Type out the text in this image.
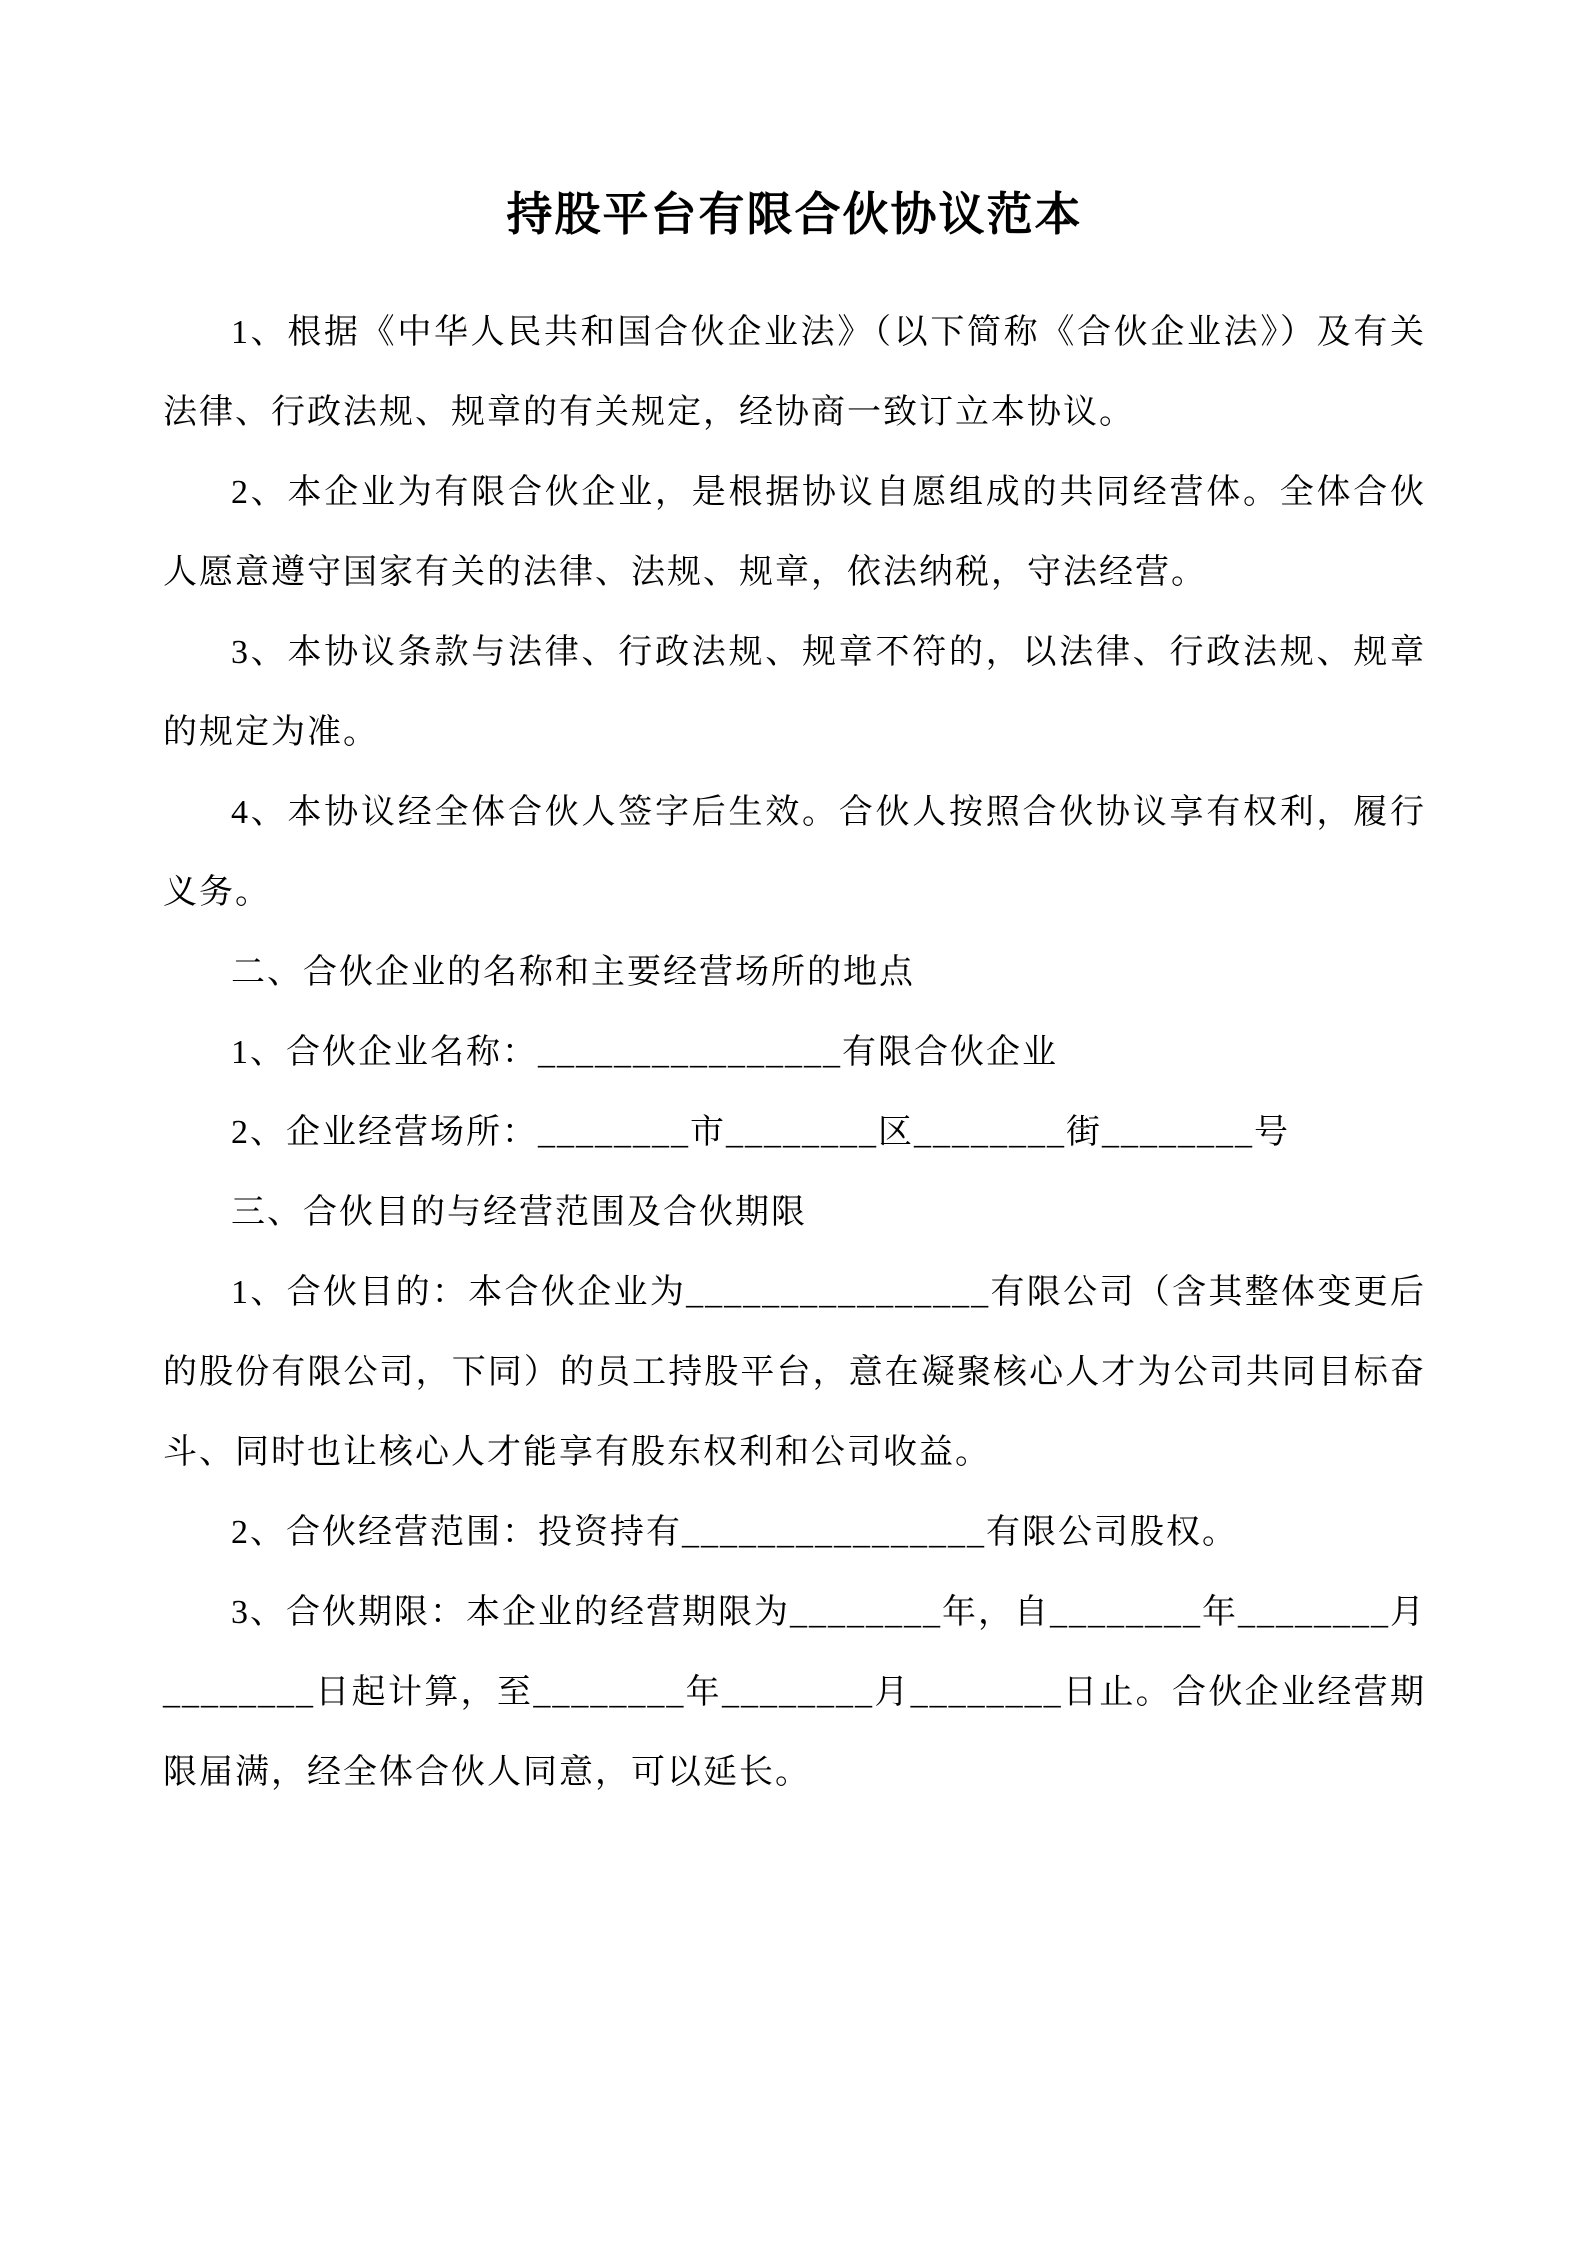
持股平台有限合伙协议范本

1、根据《中华人民共和国合伙企业法》（以下简称《合伙企业法》）及有关法律、行政法规、规章的有关规定，经协商一致订立本协议。

2、本企业为有限合伙企业，是根据协议自愿组成的共同经营体。全体合伙人愿意遵守国家有关的法律、法规、规章，依法纳税，守法经营。

3、本协议条款与法律、行政法规、规章不符的，以法律、行政法规、规章的规定为准。

4、本协议经全体合伙人签字后生效。合伙人按照合伙协议享有权利，履行义务。

二、合伙企业的名称和主要经营场所的地点

1、合伙企业名称：________________有限合伙企业

2、企业经营场所：________市________区________街________号

三、合伙目的与经营范围及合伙期限

1、合伙目的：本合伙企业为________________有限公司（含其整体变更后的股份有限公司，下同）的员工持股平台，意在凝聚核心人才为公司共同目标奋斗、同时也让核心人才能享有股东权利和公司收益。

2、合伙经营范围：投资持有________________有限公司股权。

3、合伙期限：本企业的经营期限为________年，自________年________月________日起计算，至________年________月________日止。合伙企业经营期限届满，经全体合伙人同意，可以延长。
